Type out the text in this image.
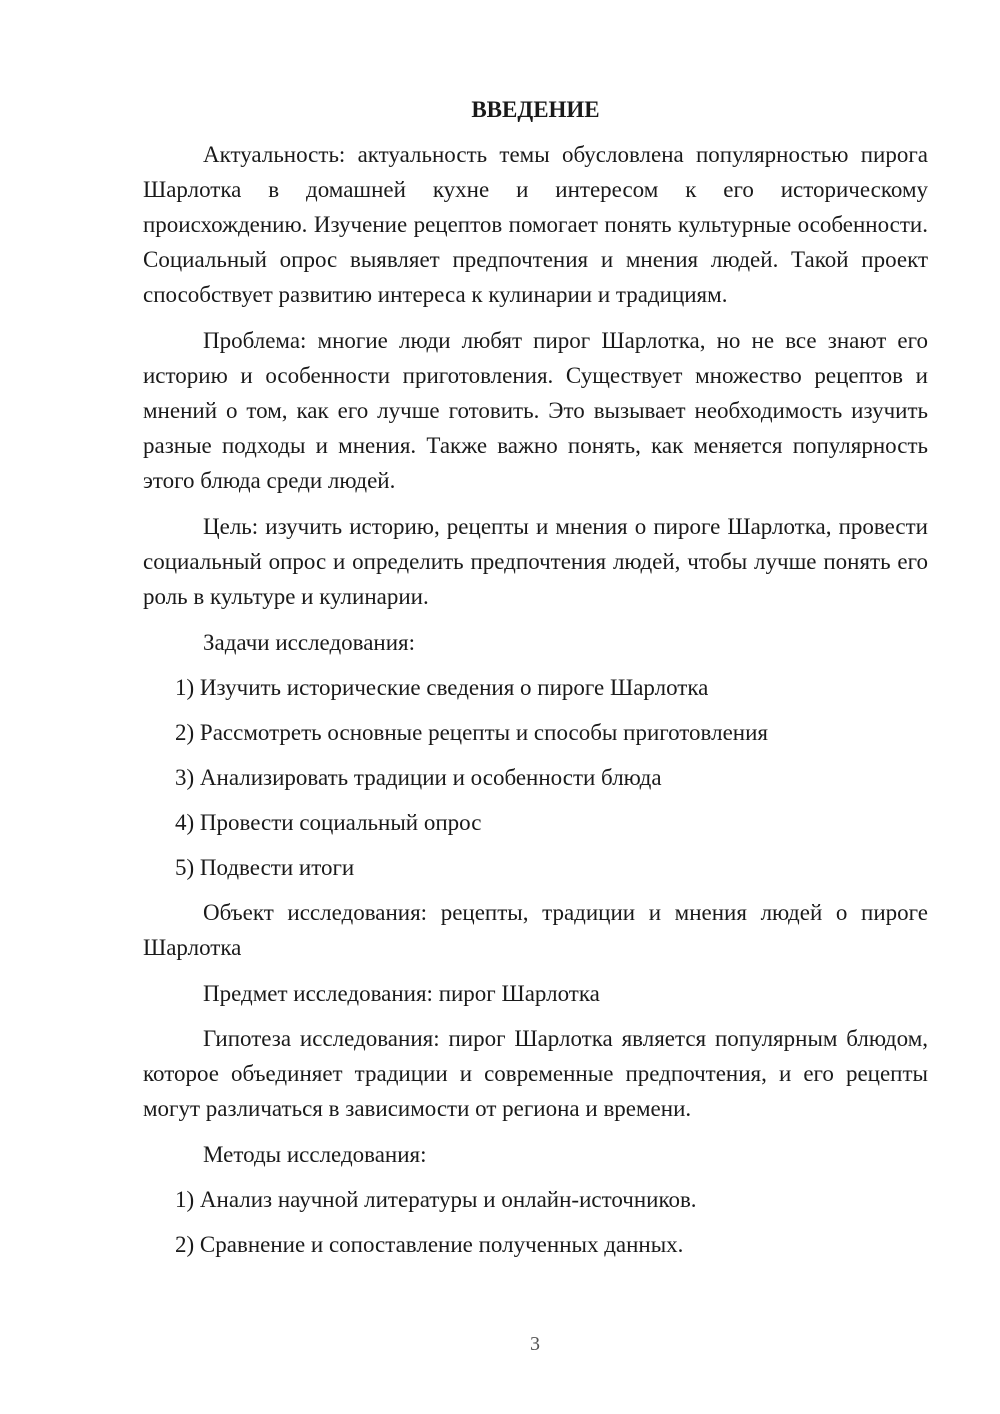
ВВЕДЕНИЕ

Актуальность: актуальность темы обусловлена популярностью пирога Шарлотка в домашней кухне и интересом к его историческому происхождению. Изучение рецептов помогает понять культурные особенности. Социальный опрос выявляет предпочтения и мнения людей. Такой проект способствует развитию интереса к кулинарии и традициям.

Проблема: многие люди любят пирог Шарлотка, но не все знают его историю и особенности приготовления. Существует множество рецептов и мнений о том, как его лучше готовить. Это вызывает необходимость изучить разные подходы и мнения. Также важно понять, как меняется популярность этого блюда среди людей.

Цель: изучить историю, рецепты и мнения о пироге Шарлотка, провести социальный опрос и определить предпочтения людей, чтобы лучше понять его роль в культуре и кулинарии.

Задачи исследования:
1) Изучить исторические сведения о пироге Шарлотка
2) Рассмотреть основные рецепты и способы приготовления
3) Анализировать традиции и особенности блюда
4) Провести социальный опрос
5) Подвести итоги

Объект исследования: рецепты, традиции и мнения людей о пироге Шарлотка

Предмет исследования: пирог Шарлотка

Гипотеза исследования: пирог Шарлотка является популярным блюдом, которое объединяет традиции и современные предпочтения, и его рецепты могут различаться в зависимости от региона и времени.

Методы исследования:
1) Анализ научной литературы и онлайн-источников.
2) Сравнение и сопоставление полученных данных.
3
